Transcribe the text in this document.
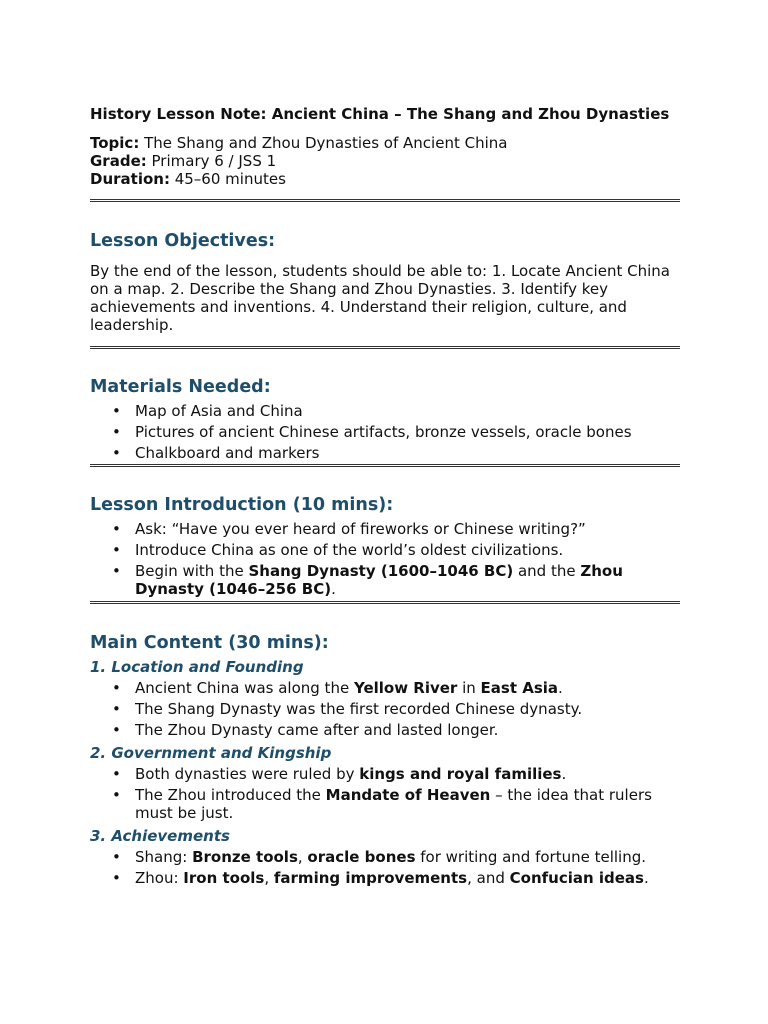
History Lesson Note: Ancient China – The Shang and Zhou Dynasties

Topic: The Shang and Zhou Dynasties of Ancient China

Grade: Primary 6 / JSS 1

Duration: 45–60 minutes

Lesson Objectives:

By the end of the lesson, students should be able to: 1. Locate Ancient China on a map. 2. Describe the Shang and Zhou Dynasties. 3. Identify key achievements and inventions. 4. Understand their religion, culture, and leadership.

Materials Needed:
• Map of Asia and China
• Pictures of ancient Chinese artifacts, bronze vessels, oracle bones
• Chalkboard and markers
Lesson Introduction (10 mins):
• Ask: “Have you ever heard of fireworks or Chinese writing?”
• Introduce China as one of the world’s oldest civilizations.
• Begin with the Shang Dynasty (1600–1046 BC) and the Zhou Dynasty (1046–256 BC).
Main Content (30 mins):
1. Location and Founding
• Ancient China was along the Yellow River in East Asia.
• The Shang Dynasty was the first recorded Chinese dynasty.
• The Zhou Dynasty came after and lasted longer.
2. Government and Kingship
• Both dynasties were ruled by kings and royal families.
• The Zhou introduced the Mandate of Heaven – the idea that rulers must be just.
3. Achievements
• Shang: Bronze tools, oracle bones for writing and fortune telling.
• Zhou: Iron tools, farming improvements, and Confucian ideas.
